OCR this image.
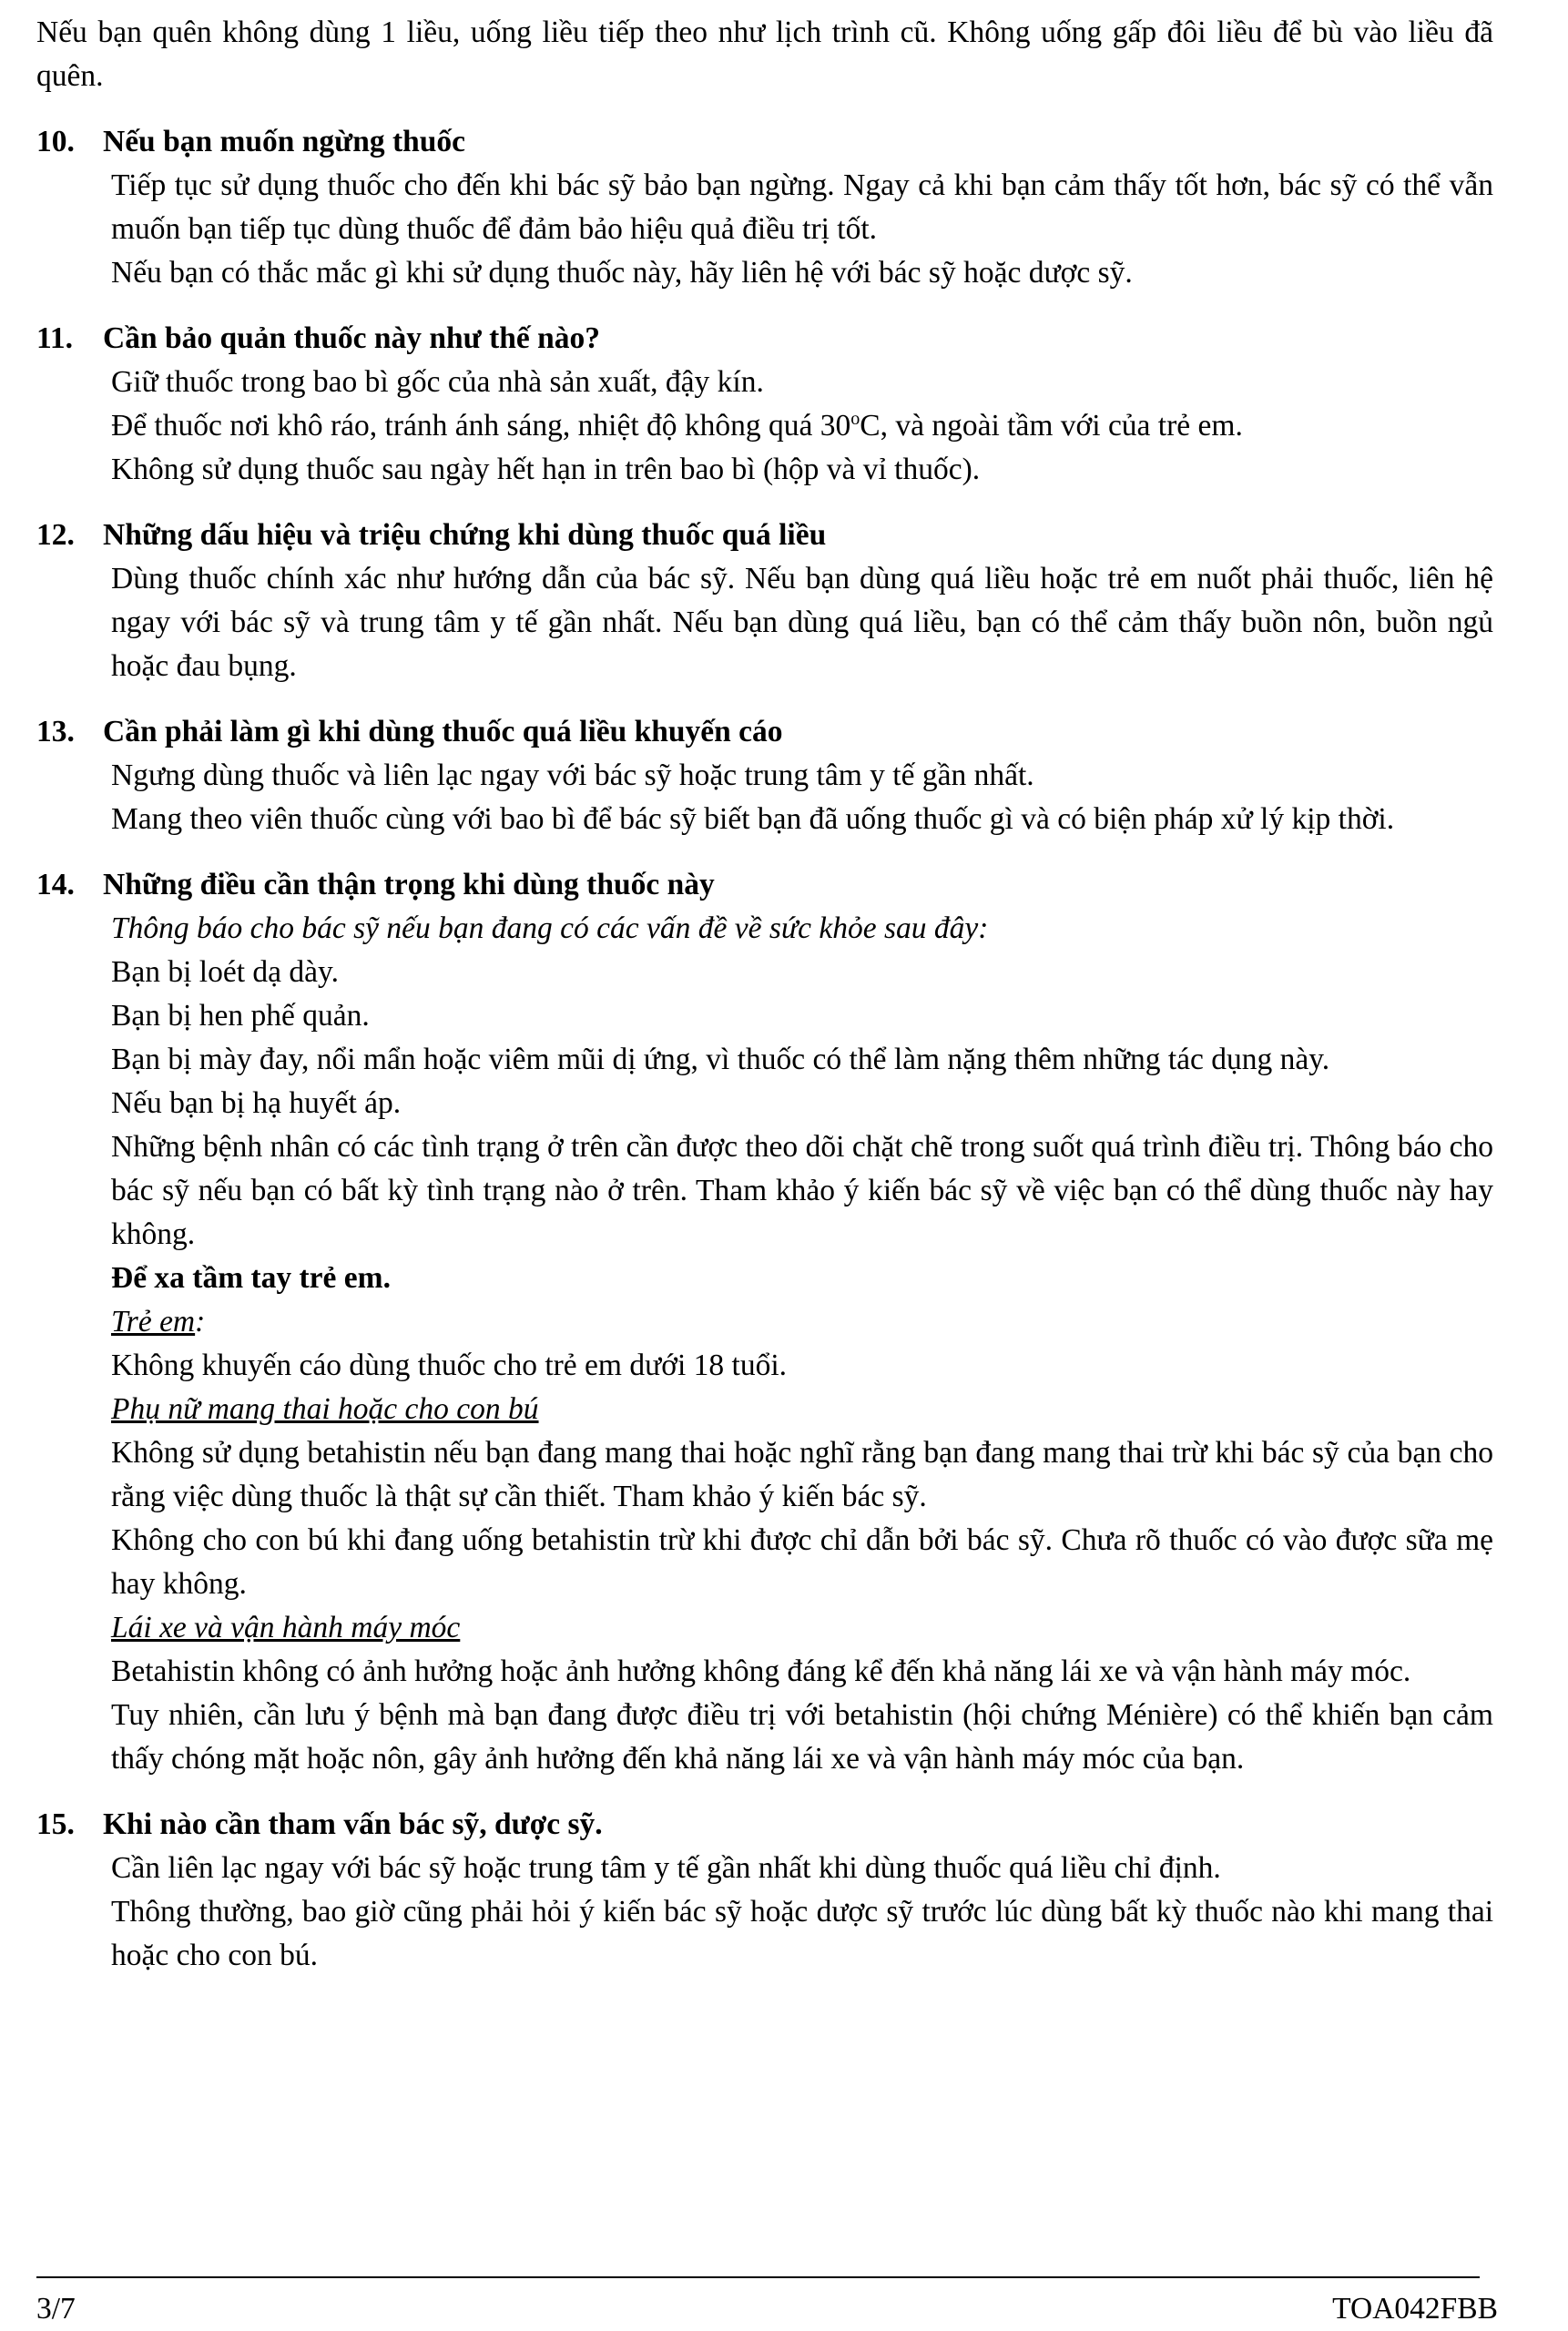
Nếu bạn quên không dùng 1 liều, uống liều tiếp theo như lịch trình cũ. Không uống gấp đôi liều để bù vào liều đã quên.

10. Nếu bạn muốn ngừng thuốc

Tiếp tục sử dụng thuốc cho đến khi bác sỹ bảo bạn ngừng. Ngay cả khi bạn cảm thấy tốt hơn, bác sỹ có thể vẫn muốn bạn tiếp tục dùng thuốc để đảm bảo hiệu quả điều trị tốt.

Nếu bạn có thắc mắc gì khi sử dụng thuốc này, hãy liên hệ với bác sỹ hoặc dược sỹ.

11. Cần bảo quản thuốc này như thế nào?

Giữ thuốc trong bao bì gốc của nhà sản xuất, đậy kín.

Để thuốc nơi khô ráo, tránh ánh sáng, nhiệt độ không quá 30$^o$C, và ngoài tầm với của trẻ em.

Không sử dụng thuốc sau ngày hết hạn in trên bao bì (hộp và vỉ thuốc).

12. Những dấu hiệu và triệu chứng khi dùng thuốc quá liều

Dùng thuốc chính xác như hướng dẫn của bác sỹ. Nếu bạn dùng quá liều hoặc trẻ em nuốt phải thuốc, liên hệ ngay với bác sỹ và trung tâm y tế gần nhất. Nếu bạn dùng quá liều, bạn có thể cảm thấy buồn nôn, buồn ngủ hoặc đau bụng.

13. Cần phải làm gì khi dùng thuốc quá liều khuyến cáo

Ngưng dùng thuốc và liên lạc ngay với bác sỹ hoặc trung tâm y tế gần nhất.

Mang theo viên thuốc cùng với bao bì để bác sỹ biết bạn đã uống thuốc gì và có biện pháp xử lý kịp thời.

14. Những điều cần thận trọng khi dùng thuốc này

Thông báo cho bác sỹ nếu bạn đang có các vấn đề về sức khỏe sau đây:

Bạn bị loét dạ dày.

Bạn bị hen phế quản.

Bạn bị mày đay, nổi mẩn hoặc viêm mũi dị ứng, vì thuốc có thể làm nặng thêm những tác dụng này.

Nếu bạn bị hạ huyết áp.

Những bệnh nhân có các tình trạng ở trên cần được theo dõi chặt chẽ trong suốt quá trình điều trị. Thông báo cho bác sỹ nếu bạn có bất kỳ tình trạng nào ở trên. Tham khảo ý kiến bác sỹ về việc bạn có thể dùng thuốc này hay không.

Để xa tầm tay trẻ em.

Trẻ em:

Không khuyến cáo dùng thuốc cho trẻ em dưới 18 tuổi.

Phụ nữ mang thai hoặc cho con bú

Không sử dụng betahistin nếu bạn đang mang thai hoặc nghĩ rằng bạn đang mang thai trừ khi bác sỹ của bạn cho rằng việc dùng thuốc là thật sự cần thiết. Tham khảo ý kiến bác sỹ.

Không cho con bú khi đang uống betahistin trừ khi được chỉ dẫn bởi bác sỹ. Chưa rõ thuốc có vào được sữa mẹ hay không.

Lái xe và vận hành máy móc

Betahistin không có ảnh hưởng hoặc ảnh hưởng không đáng kể đến khả năng lái xe và vận hành máy móc.

Tuy nhiên, cần lưu ý bệnh mà bạn đang được điều trị với betahistin (hội chứng Ménière) có thể khiến bạn cảm thấy chóng mặt hoặc nôn, gây ảnh hưởng đến khả năng lái xe và vận hành máy móc của bạn.

15. Khi nào cần tham vấn bác sỹ, dược sỹ.

Cần liên lạc ngay với bác sỹ hoặc trung tâm y tế gần nhất khi dùng thuốc quá liều chỉ định.

Thông thường, bao giờ cũng phải hỏi ý kiến bác sỹ hoặc dược sỹ trước lúc dùng bất kỳ thuốc nào khi mang thai hoặc cho con bú.

3/7	TOA042FBB
